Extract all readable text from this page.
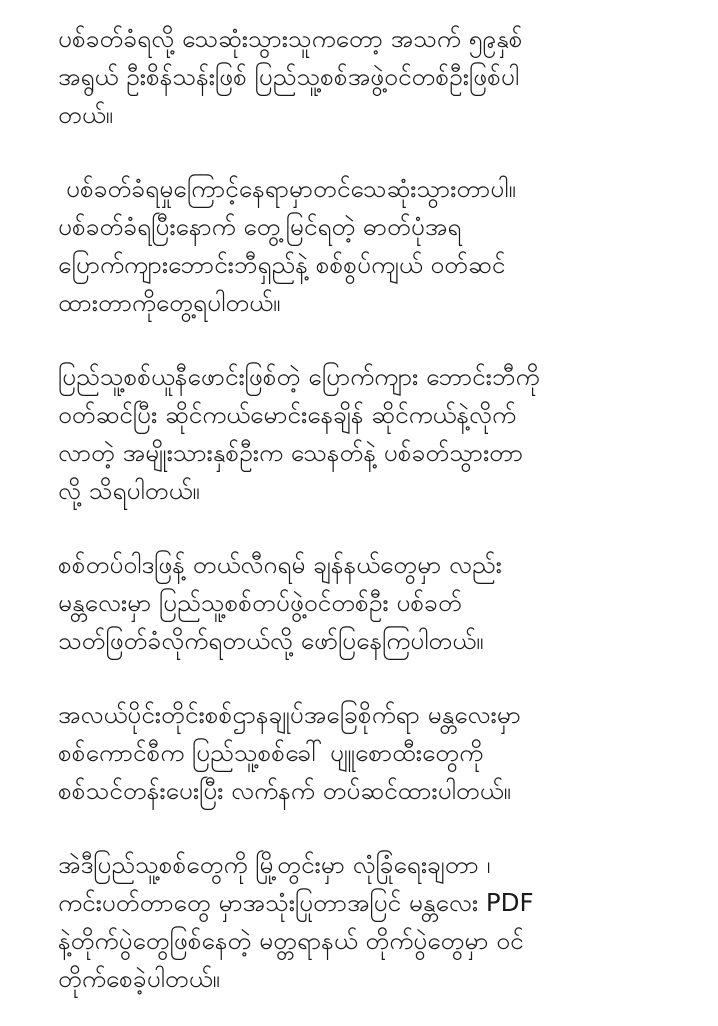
ပစ်ခတ်ခံရလို့ သေဆုံးသွားသူကတော့ အသက် ၅၉နှစ်
အရွယ် ဦးစိန်သန်းဖြစ် ပြည်သူ့စစ်အဖွဲ့ဝင်တစ်ဦးဖြစ်ပါ
တယ်။

ပစ်ခတ်ခံရမှုကြောင့်နေရာမှာတင်သေဆုံးသွားတာပါ။
ပစ်ခတ်ခံရပြီးနောက် တွေ့မြင်ရတဲ့ ဓာတ်ပုံအရ
ပြောက်ကျားဘောင်းဘီရှည်နဲ့ စစ်စွပ်ကျယ် ဝတ်ဆင်
ထားတာကိုတွေ့ရပါတယ်။

ပြည်သူ့စစ်ယူနီဖောင်းဖြစ်တဲ့ ပြောက်ကျား ဘောင်းဘီကို
ဝတ်ဆင်ပြီး ဆိုင်ကယ်မောင်းနေချိန် ဆိုင်ကယ်နဲ့လိုက်
လာတဲ့ အမျိုးသားနှစ်ဦးက သေနတ်နဲ့ ပစ်ခတ်သွားတာ
လို့ သိရပါတယ်။

စစ်တပ်ဝါဒဖြန့် တယ်လီဂရမ် ချန်နယ်တွေမှာ လည်း
မန္တလေးမှာ ပြည်သူ့စစ်တပ်ဖွဲ့ဝင်တစ်ဦး ပစ်ခတ်
သတ်ဖြတ်ခံလိုက်ရတယ်လို့ ဖော်ပြနေကြပါတယ်။

အလယ်ပိုင်းတိုင်းစစ်ဌာနချုပ်အခြေစိုက်ရာ မန္တလေးမှာ
စစ်ကောင်စီက ပြည်သူ့စစ်ခေါ် ပျူစောထီးတွေကို
စစ်သင်တန်းပေးပြီး လက်နက် တပ်ဆင်ထားပါတယ်။

အဲဒီပြည်သူ့စစ်တွေကို မြို့တွင်းမှာ လုံခြုံရေးချတာ ၊
ကင်းပတ်တာတွေ မှာအသုံးပြုတာအပြင် မန္တလေး PDF
နဲ့တိုက်ပွဲတွေဖြစ်နေတဲ့ မတ္တရာနယ် တိုက်ပွဲတွေမှာ ဝင်
တိုက်စေခဲ့ပါတယ်။
